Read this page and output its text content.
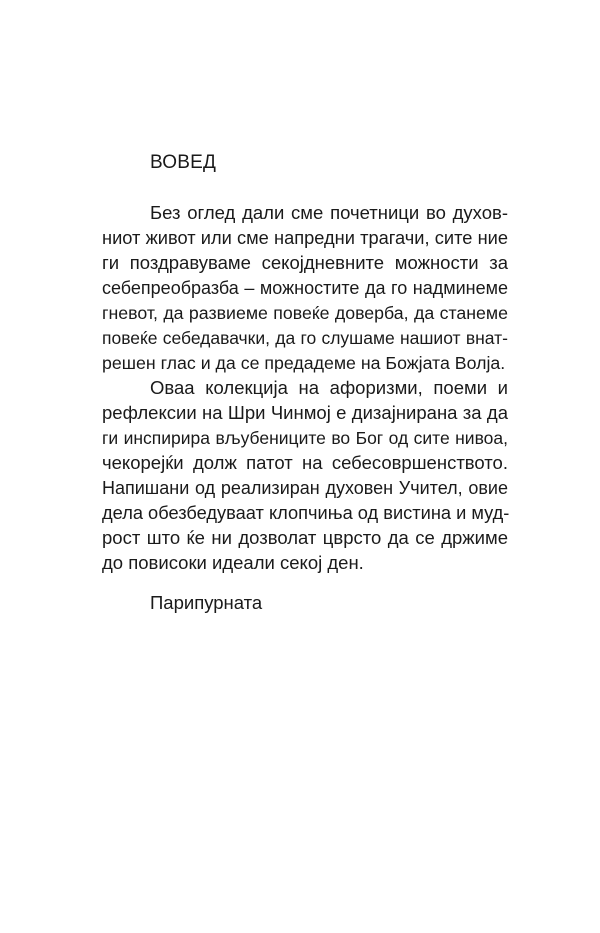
ВОВЕД

Без оглед дали сме почетници во духов-

ниот живот или сме напредни трагачи, сите ние

ги поздравуваме секојдневните можности за

себепреобразба – можностите да го надминеме

гневот, да развиеме повеќе доверба, да станеме

повеќе себедавачки, да го слушаме нашиот внат-

решен глас и да се предадеме на Божјата Волја.

Оваа колекција на афоризми, поеми и

рефлексии на Шри Чинмој е дизајнирана за да

ги инспирира вљубениците во Бог од сите нивоа,

чекорејќи долж патот на себесовршенството.

Напишани од реализиран духовен Учител, овие

дела обезбедуваат клопчиња од вистина и муд-

рост што ќе ни дозволат цврсто да се држиме

до повисоки идеали секој ден.

Парипурната
